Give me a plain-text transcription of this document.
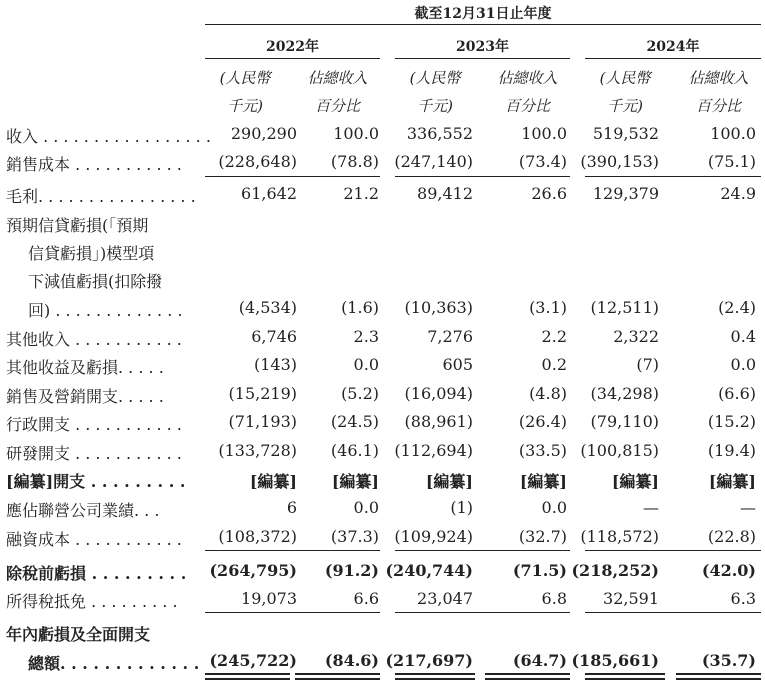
截至12月31日止年度
2022年	2023年	2024年
(人民幣
千元)
佔總收入
百分比
(人民幣
千元)
佔總收入
百分比
(人民幣
千元)
佔總收入
百分比
收入 . . . . . . . . . . . . . . . . .	290,290	100.0	336,552	100.0	519,532	100.0
銷售成本 . . . . . . . . . . .	(228,648)	(78.8) (247,140)	(73.4) (390,153)	(75.1)
毛利. . . . . . . . . . . . . . . .	61,642	21.2	89,412	26.6	129,379	24.9
預期信貸虧損(「預期
信貸虧損」)模型項
下減值虧損(扣除撥
回) . . . . . . . . . . . . .	(4,534)	(1.6)	(10,363)	(3.1)	(12,511)	(2.4)
其他收入 . . . . . . . . . . .	6,746	2.3	7,276	2.2	2,322	0.4
其他收益及虧損. . . . .	(143)	0.0	605	0.2	(7)	0.0
銷售及營銷開支. . . . .	(15,219)	(5.2)	(16,094)	(4.8)	(34,298)	(6.6)
行政開支 . . . . . . . . . . .	(71,193)	(24.5)	(88,961)	(26.4)	(79,110)	(15.2)
研發開支 . . . . . . . . . . .	(133,728)	(46.1) (112,694)	(33.5) (100,815)	(19.4)
[編纂]開支 . . . . . . . . .	[編纂]	[編纂]	[編纂]	[編纂]	[編纂]	[編纂]
應佔聯營公司業績. . .	6	0.0	(1)	0.0	—	—
融資成本 . . . . . . . . . . .	(108,372)	(37.3) (109,924)	(32.7) (118,572)	(22.8)
除稅前虧損 . . . . . . . . . (264,795)	(91.2) (240,744)	(71.5) (218,252)	(42.0)
所得稅抵免 . . . . . . . . .	19,073	6.6	23,047	6.8	32,591	6.3
年內虧損及全面開支
總額. . . . . . . . . . . . . (245,722)	(84.6) (217,697)	(64.7) (185,661)	(35.7)
